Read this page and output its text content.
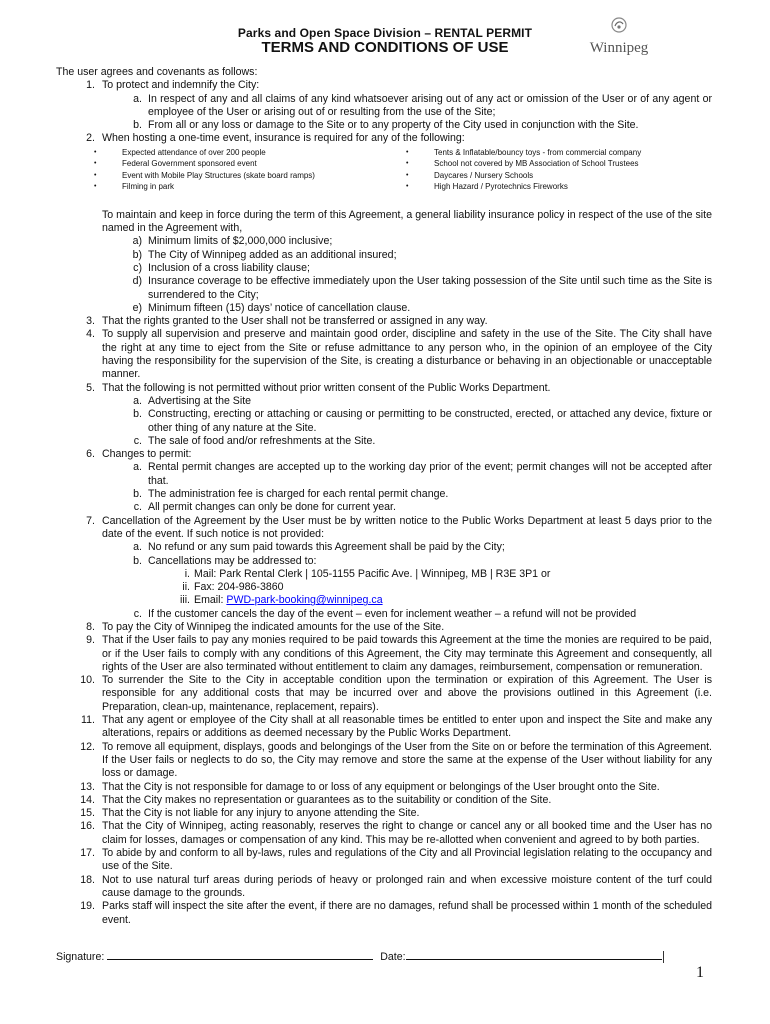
Parks and Open Space Division – RENTAL PERMIT
TERMS AND CONDITIONS OF USE	Winnipeg
The user agrees and covenants as follows:
1. To protect and indemnify the City:
a. In respect of any and all claims of any kind whatsoever arising out of any act or omission of the User or of any agent or employee of the User or arising out of or resulting from the use of the Site;
b. From all or any loss or damage to the Site or to any property of the City used in conjunction with the Site.
2. When hosting a one-time event, insurance is required for any of the following:
•	Expected attendance of over 200 people
•	Federal Government sponsored event
•	Event with Mobile Play Structures (skate board ramps)
•	Filming in park
•	Tents & Inflatable/bouncy toys - from commercial company
•	School not covered by MB Association of School Trustees
•	Daycares / Nursery Schools
•	High Hazard / Pyrotechnics Fireworks
To maintain and keep in force during the term of this Agreement, a general liability insurance policy in respect of the use of the site named in the Agreement with,
a) Minimum limits of $2,000,000 inclusive;
b) The City of Winnipeg added as an additional insured;
c) Inclusion of a cross liability clause;
d) Insurance coverage to be effective immediately upon the User taking possession of the Site until such time as the Site is surrendered to the City;
e) Minimum fifteen (15) days’ notice of cancellation clause.
3. That the rights granted to the User shall not be transferred or assigned in any way.
4. To supply all supervision and preserve and maintain good order, discipline and safety in the use of the Site. The City shall have the right at any time to eject from the Site or refuse admittance to any person who, in the opinion of an employee of the City having the responsibility for the supervision of the Site, is creating a disturbance or behaving in an objectionable or unacceptable manner.
5. That the following is not permitted without prior written consent of the Public Works Department.
a. Advertising at the Site
b. Constructing, erecting or attaching or causing or permitting to be constructed, erected, or attached any device, fixture or other thing of any nature at the Site.
c. The sale of food and/or refreshments at the Site.
6. Changes to permit:
a. Rental permit changes are accepted up to the working day prior of the event; permit changes will not be accepted after that.
b. The administration fee is charged for each rental permit change.
c. All permit changes can only be done for current year.
7. Cancellation of the Agreement by the User must be by written notice to the Public Works Department at least 5 days prior to the date of the event. If such notice is not provided:
a. No refund or any sum paid towards this Agreement shall be paid by the City;
b. Cancellations may be addressed to:
i. Mail: Park Rental Clerk | 105-1155 Pacific Ave. | Winnipeg, MB | R3E 3P1 or
ii. Fax: 204-986-3860
iii. Email: PWD-park-booking@winnipeg.ca
c. If the customer cancels the day of the event – even for inclement weather – a refund will not be provided
8. To pay the City of Winnipeg the indicated amounts for the use of the Site.
9. That if the User fails to pay any monies required to be paid towards this Agreement at the time the monies are required to be paid, or if the User fails to comply with any conditions of this Agreement, the City may terminate this Agreement and consequently, all rights of the User are also terminated without entitlement to claim any damages, reimbursement, compensation or remuneration.
10. To surrender the Site to the City in acceptable condition upon the termination or expiration of this Agreement. The User is responsible for any additional costs that may be incurred over and above the provisions outlined in this Agreement (i.e. Preparation, clean-up, maintenance, replacement, repairs).
11. That any agent or employee of the City shall at all reasonable times be entitled to enter upon and inspect the Site and make any alterations, repairs or additions as deemed necessary by the Public Works Department.
12. To remove all equipment, displays, goods and belongings of the User from the Site on or before the termination of this Agreement. If the User fails or neglects to do so, the City may remove and store the same at the expense of the User without liability for any loss or damage.
13. That the City is not responsible for damage to or loss of any equipment or belongings of the User brought onto the Site.
14. That the City makes no representation or guarantees as to the suitability or condition of the Site.
15. That the City is not liable for any injury to anyone attending the Site.
16. That the City of Winnipeg, acting reasonably, reserves the right to change or cancel any or all booked time and the User has no claim for losses, damages or compensation of any kind. This may be re-allotted when convenient and agreed to by both parties.
17. To abide by and conform to all by-laws, rules and regulations of the City and all Provincial legislation relating to the occupancy and use of the Site.
18. Not to use natural turf areas during periods of heavy or prolonged rain and when excessive moisture content of the turf could cause damage to the grounds.
19. Parks staff will inspect the site after the event, if there are no damages, refund shall be processed within 1 month of the scheduled event.
Signature:	Date:
1
